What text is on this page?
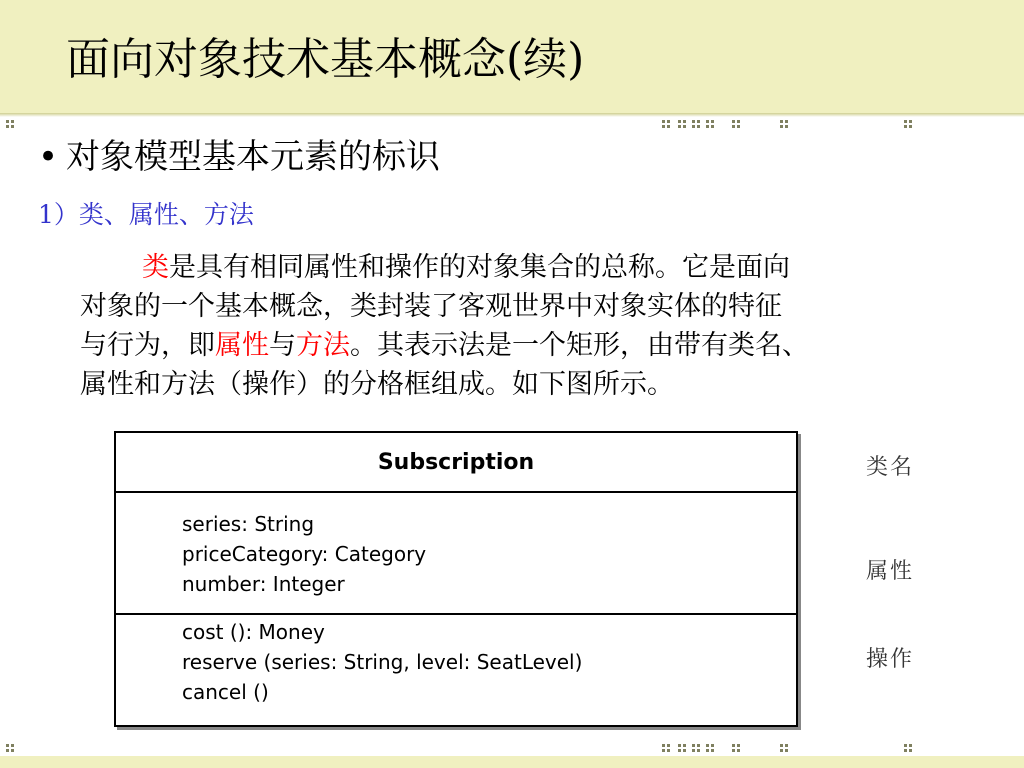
面向对象技术基本概念(续)
• 对象模型基本元素的标识
1）类、属性、方法
类是具有相同属性和操作的对象集合的总称。它是面向
对象的一个基本概念，类封装了客观世界中对象实体的特征
与行为，即属性与方法。其表示法是一个矩形，由带有类名、
属性和方法（操作）的分格框组成。如下图所示。
Subscription
series: String
priceCategory: Category
number: Integer
cost (): Money
reserve (series: String, level: SeatLevel)
cancel ()
类名
属性
操作
